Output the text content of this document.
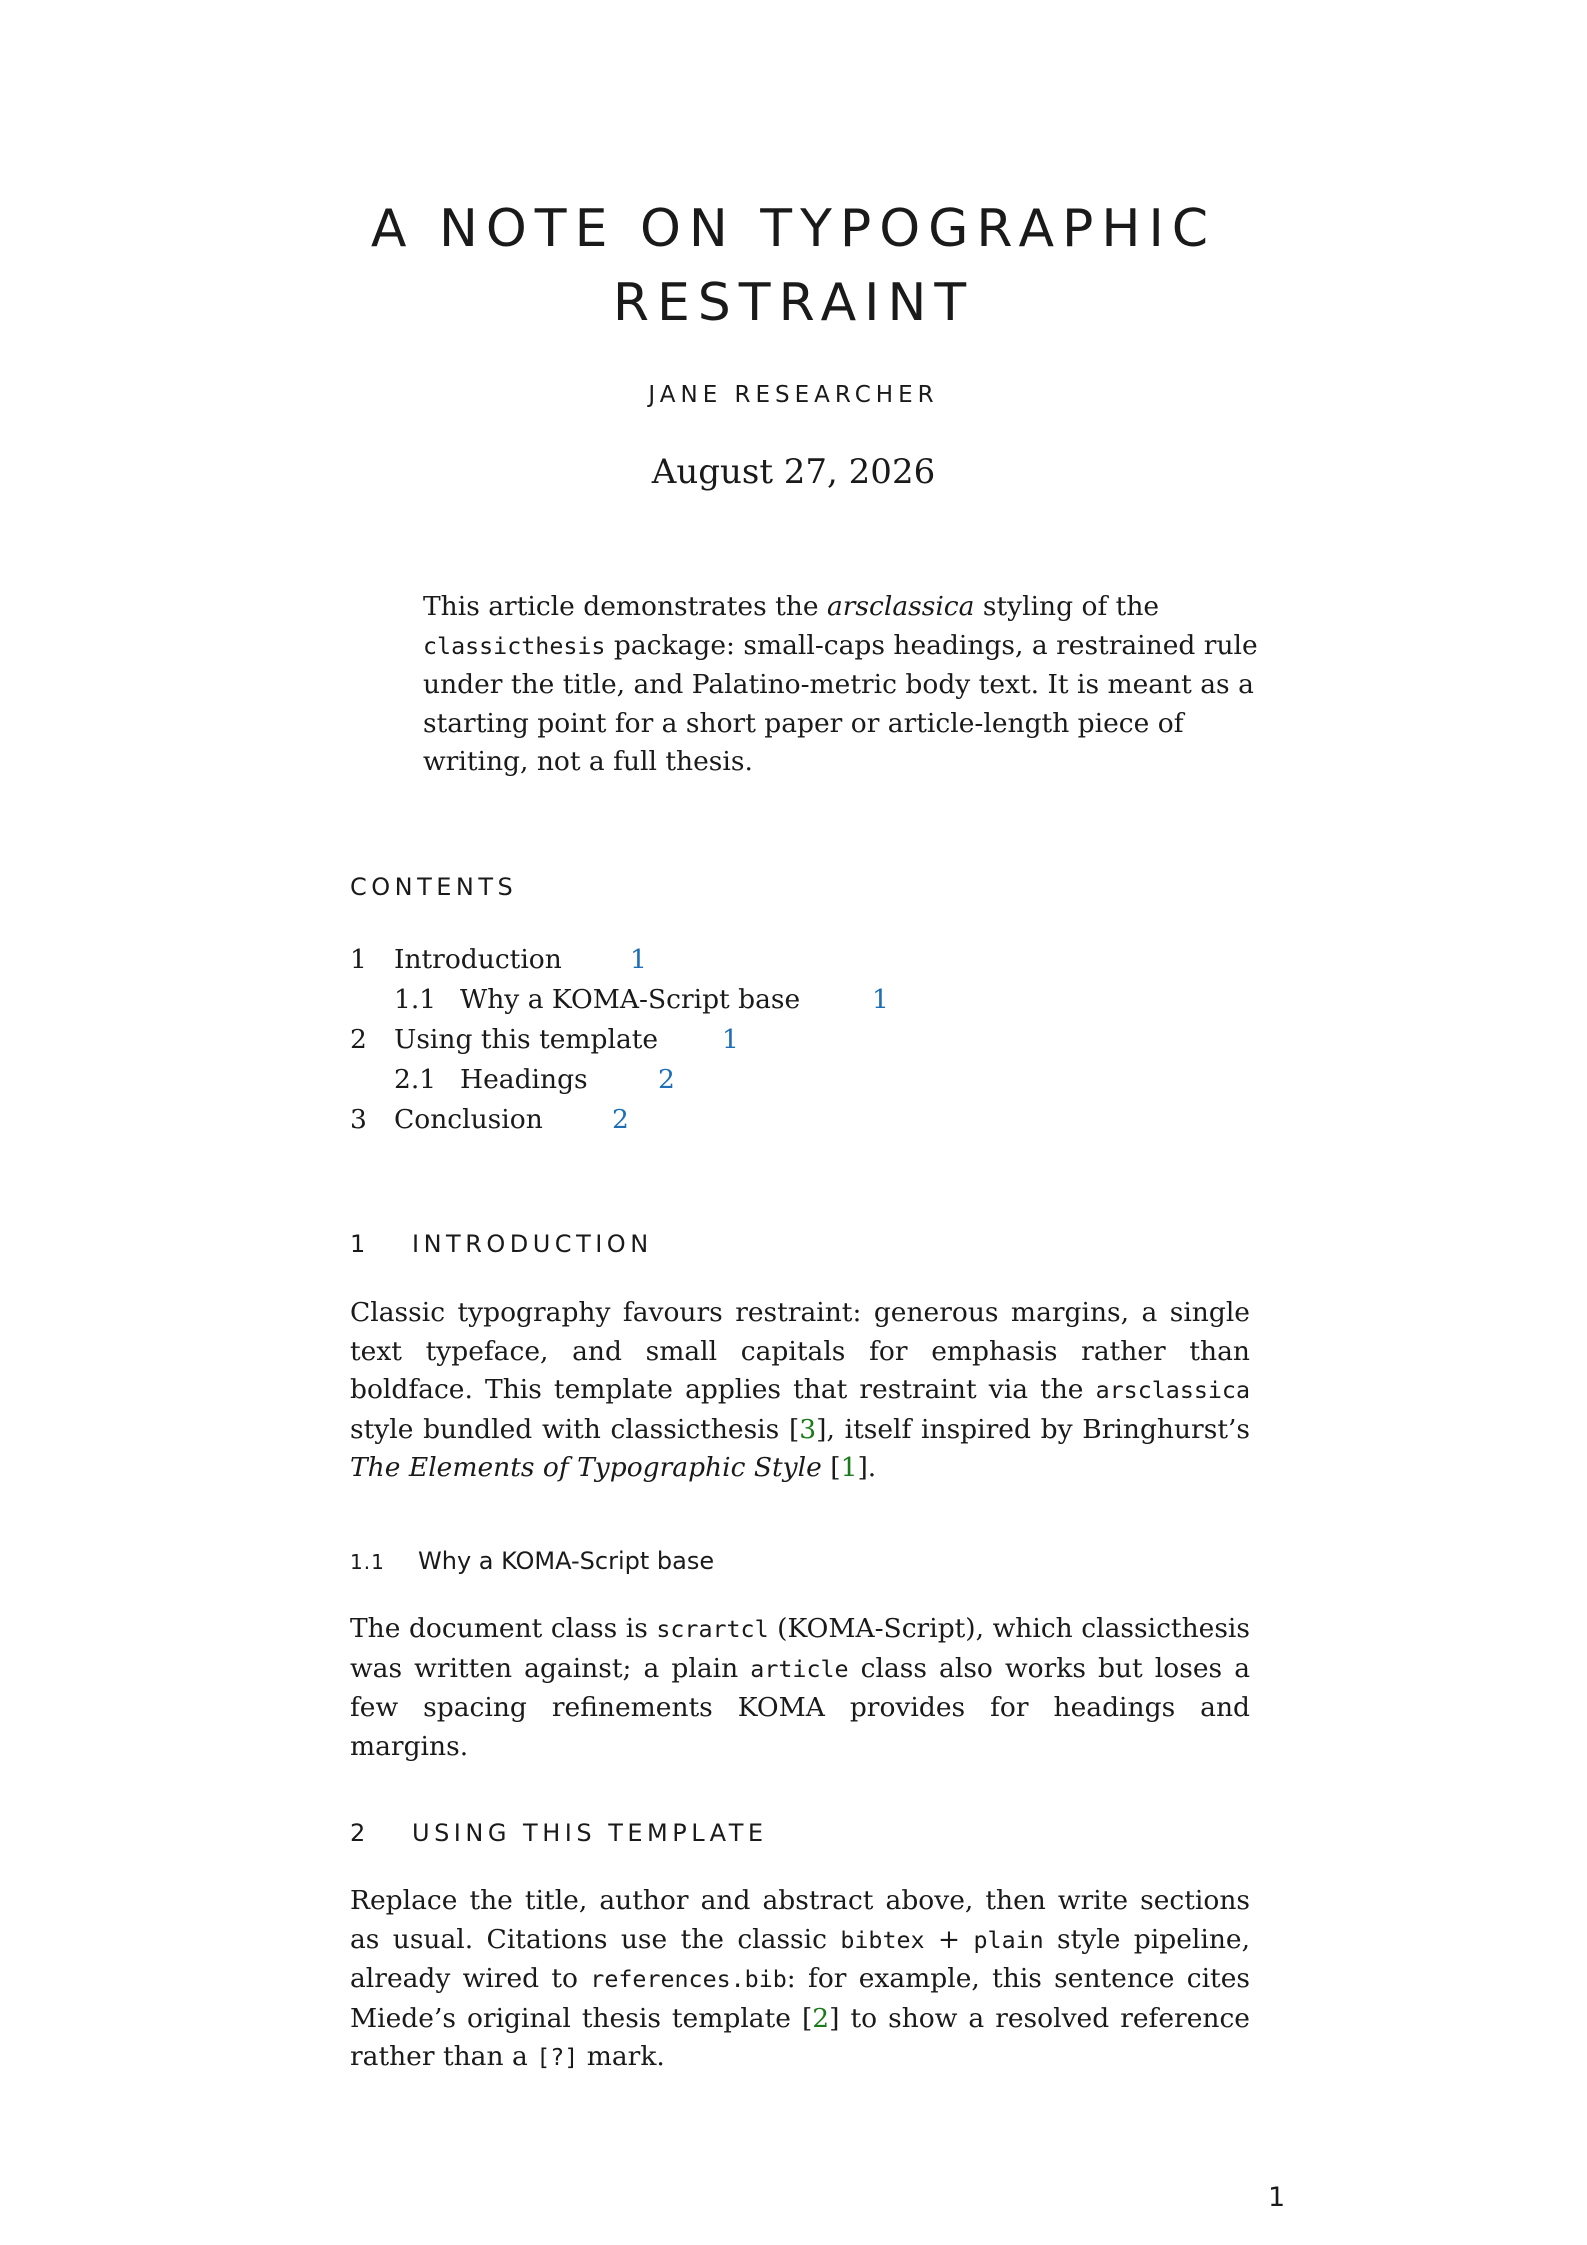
A NOTE ON TYPOGRAPHIC
RESTRAINT
JANE RESEARCHER
August 27, 2026

This article demonstrates the arsclassica styling of the classicthesis package: small-caps headings, a restrained rule under the title, and Palatino-metric body text. It is meant as a starting point for a short paper or article-length piece of writing, not a full thesis.

CONTENTS
1 Introduction	1
1.1 Why a KOMA-Script base	1
2 Using this template 1
2.1 Headings	2
3 Conclusion	2
1 INTRODUCTION

Classic typography favours restraint: generous margins, a single text typeface, and small capitals for emphasis rather than boldface. This template applies that restraint via the arsclassica style bundled with classicthesis [3], itself inspired by Bringhurst’s The Elements of Typographic Style [1].

1.1 Why a KOMA-Script base

The document class is scrartcl (KOMA-Script), which classicthesis was written against; a plain article class also works but loses a few spacing refinements KOMA provides for headings and margins.

2 USING THIS TEMPLATE

Replace the title, author and abstract above, then write sections as usual. Citations use the classic bibtex + plain style pipeline, already wired to references.bib: for example, this sentence cites Miede’s original thesis template [2] to show a resolved reference rather than a [?] mark.

1
